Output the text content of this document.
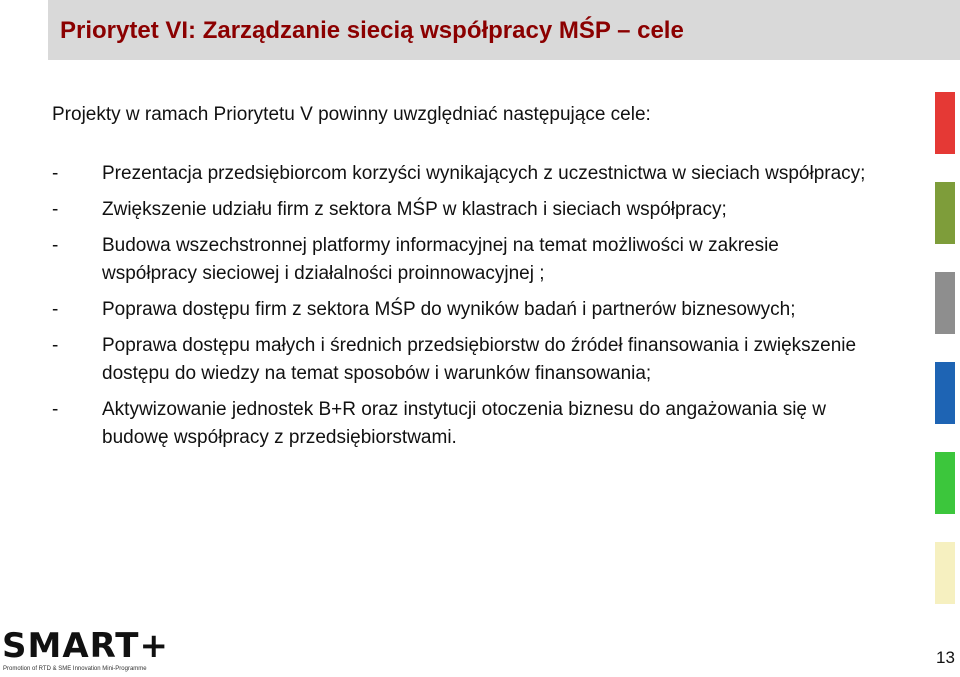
Priorytet VI: Zarządzanie siecią współpracy MŚP – cele

Projekty w ramach Priorytetu V powinny uwzględniać następujące cele:

- Prezentacja przedsiębiorcom korzyści wynikających z uczestnictwa w sieciach współpracy;
- Zwiększenie udziału firm z sektora MŚP w klastrach i sieciach współpracy;
- Budowa wszechstronnej platformy informacyjnej na temat możliwości w zakresie współpracy sieciowej i działalności proinnowacyjnej ;
- Poprawa dostępu firm z sektora MŚP do wyników badań i partnerów biznesowych;
- Poprawa dostępu małych i średnich przedsiębiorstw do źródeł finansowania i zwiększenie dostępu do wiedzy na temat sposobów i warunków finansowania;
- Aktywizowanie jednostek B+R oraz instytucji otoczenia biznesu do angażowania się w budowę współpracy z przedsiębiorstwami.

SMART+

Promotion of RTD & SME Innovation Mini-Programme

13
